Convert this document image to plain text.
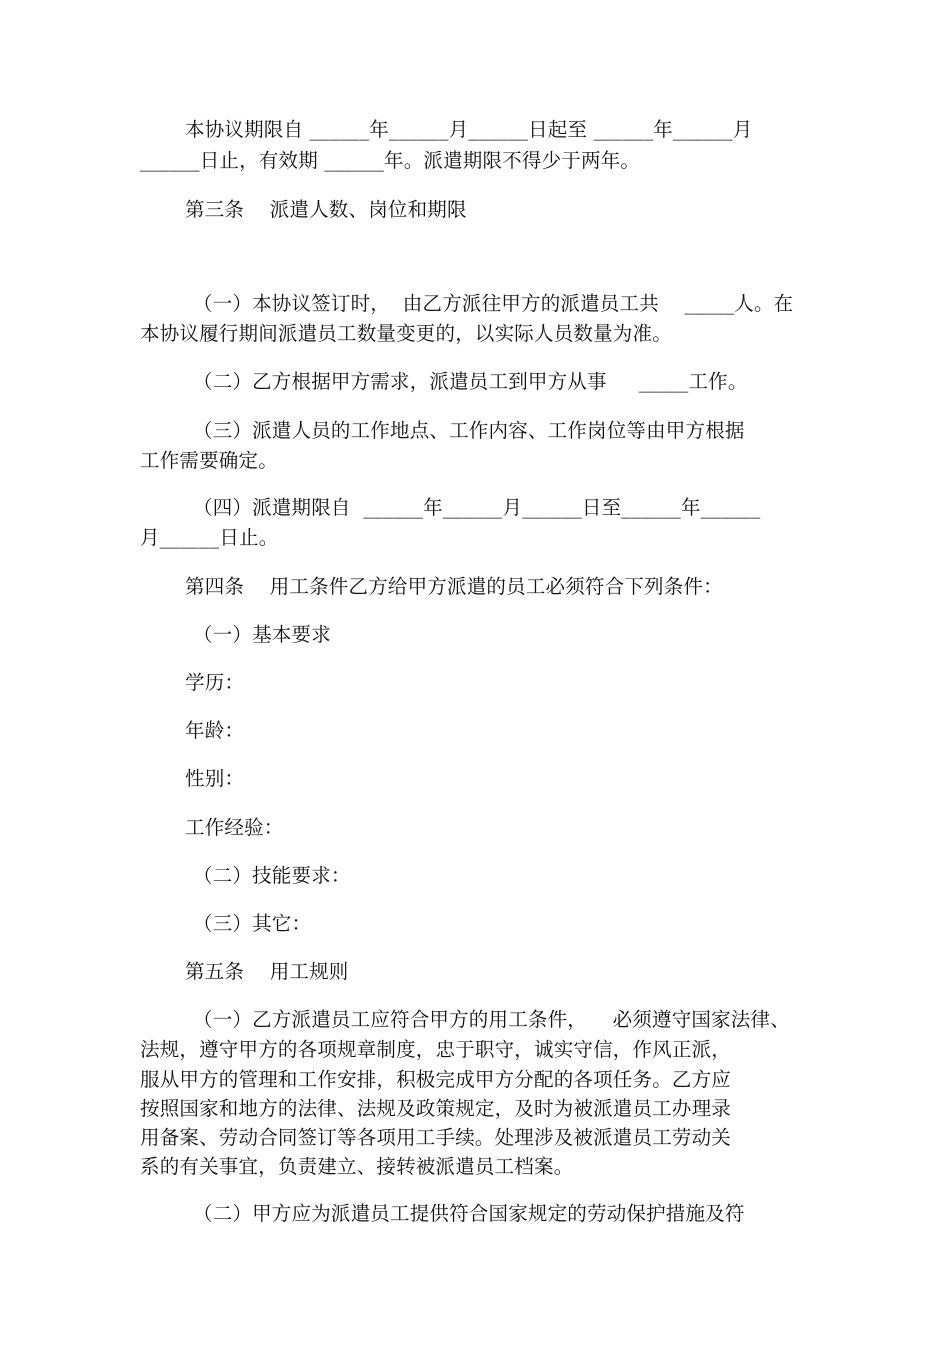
本协议期限自 ______年______月______日起至 ______年______月
______日止，有效期 ______年。派遣期限不得少于两年。
第三条    派遣人数、岗位和期限
（一）本协议签订时，  由乙方派往甲方的派遣员工共    _____人。在
本协议履行期间派遣员工数量变更的，以实际人员数量为准。
（二）乙方根据甲方需求，派遣员工到甲方从事     _____工作。
（三）派遣人员的工作地点、工作内容、工作岗位等由甲方根据
工作需要确定。
（四）派遣期限自  ______年______月______日至______年______
月______日止。
第四条    用工条件乙方给甲方派遣的员工必须符合下列条件：
（一）基本要求
学历：
年龄：
性别：
工作经验：
（二）技能要求：
（三）其它：
第五条    用工规则
（一）乙方派遣员工应符合甲方的用工条件，    必须遵守国家法律、
法规，遵守甲方的各项规章制度，忠于职守，诚实守信，作风正派，
服从甲方的管理和工作安排，积极完成甲方分配的各项任务。乙方应
按照国家和地方的法律、法规及政策规定，及时为被派遣员工办理录
用备案、劳动合同签订等各项用工手续。处理涉及被派遣员工劳动关
系的有关事宜，负责建立、接转被派遣员工档案。
（二）甲方应为派遣员工提供符合国家规定的劳动保护措施及符
